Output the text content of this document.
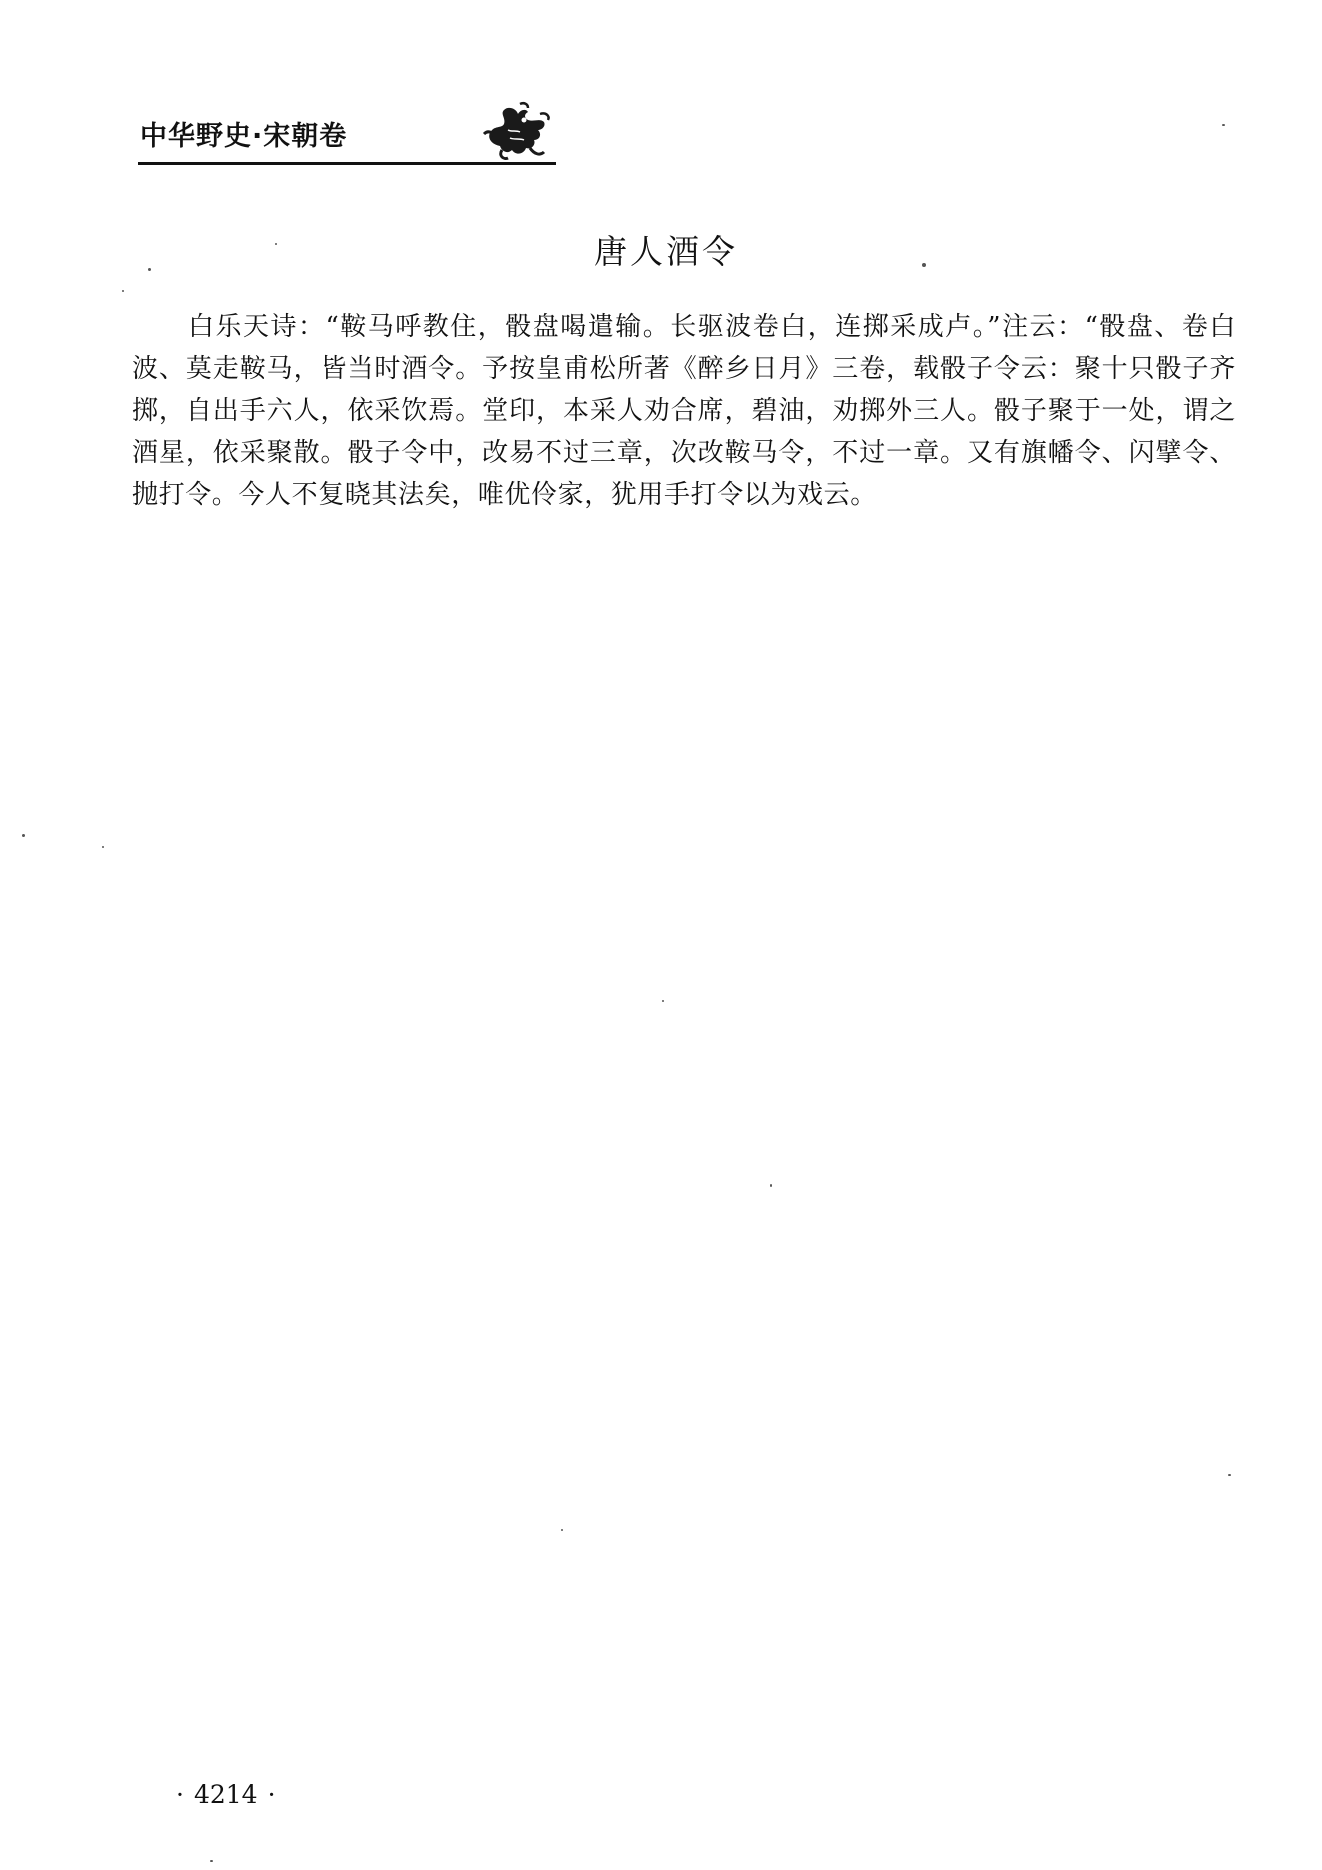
中华野史·宋朝卷
唐人酒令

白乐天诗：“鞍马呼教住，骰盘喝遣输。长驱波卷白，连掷采成卢。”注云：“骰盘、卷白波、莫走鞍马，皆当时酒令。予按皇甫松所著《醉乡日月》三卷，载骰子令云：聚十只骰子齐掷，自出手六人，依采饮焉。堂印，本采人劝合席，碧油，劝掷外三人。骰子聚于一处，谓之酒星，依采聚散。骰子令中，改易不过三章，次改鞍马令，不过一章。又有旗幡令、闪擘令、抛打令。今人不复晓其法矣，唯优伶家，犹用手打令以为戏云。

· 4214 ·
